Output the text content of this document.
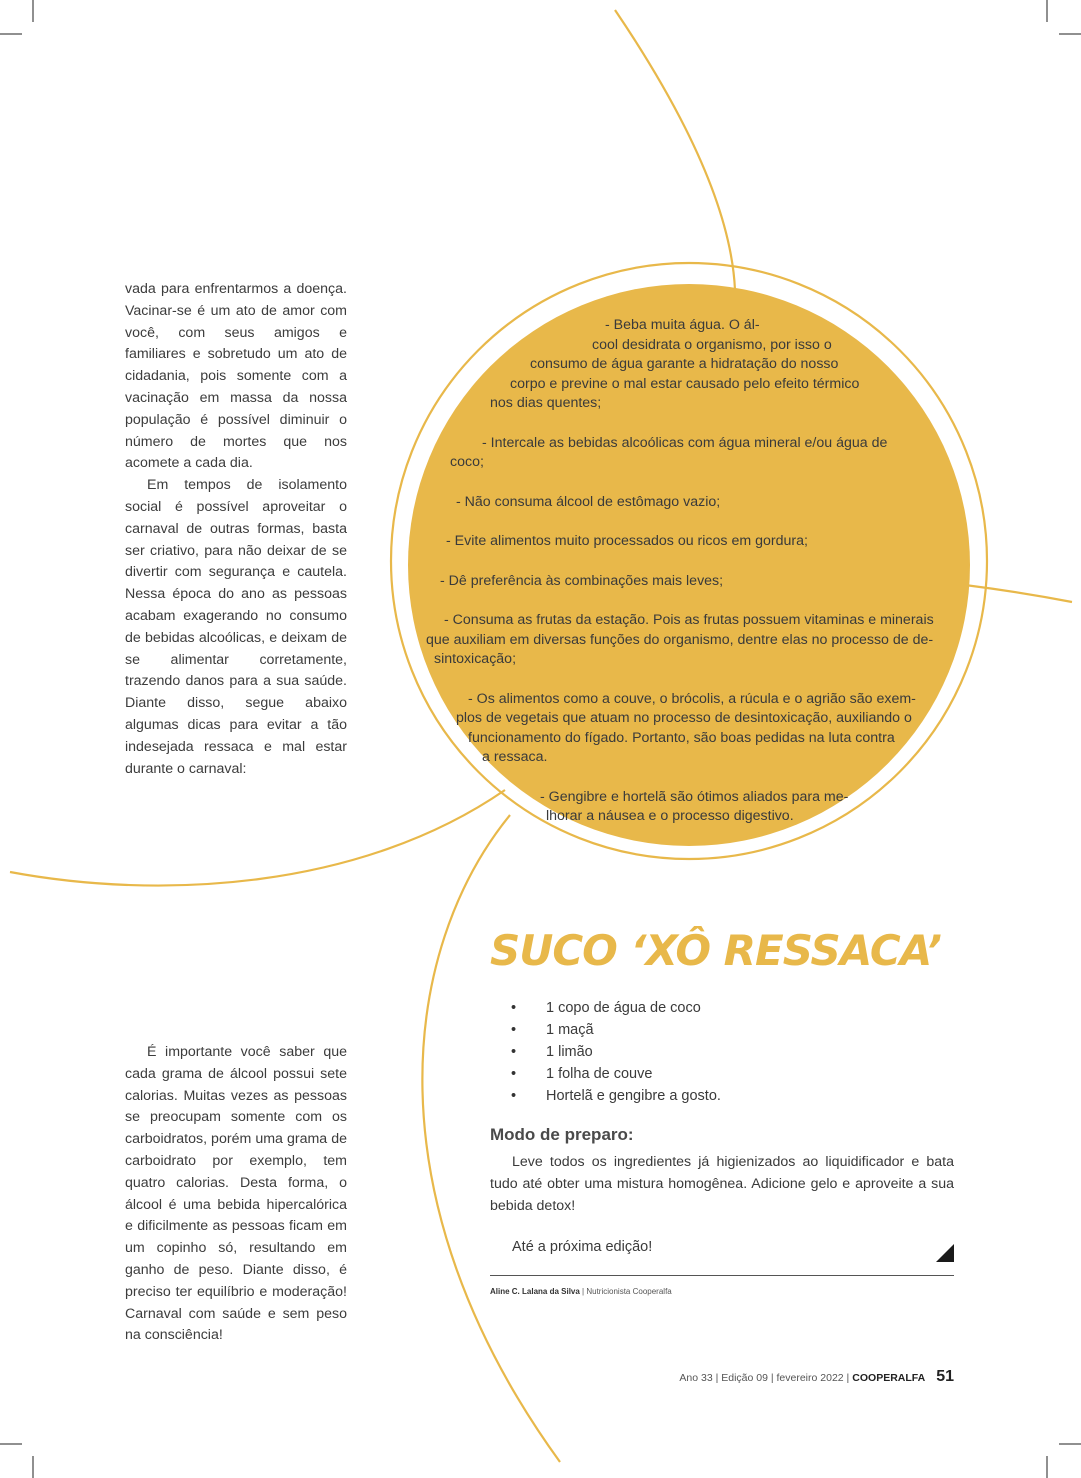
vada para enfrentarmos a doença. Vacinar-se é um ato de amor com você, com seus amigos e familiares e sobretudo um ato de cidadania, pois somente com a vacinação em massa da nossa população é possível diminuir o número de mortes que nos acomete a cada dia.

Em tempos de isolamento social é possível aproveitar o carnaval de outras formas, basta ser criativo, para não deixar de se divertir com segurança e cautela. Nessa época do ano as pessoas acabam exagerando no consumo de bebidas alcoólicas, e deixam de se alimentar corretamente, trazendo danos para a sua saúde. Diante disso, segue abaixo algumas dicas para evitar a tão indesejada ressaca e mal estar durante o carnaval:

- Beba muita água. O ál-
cool desidrata o organismo, por isso o
consumo de água garante a hidratação do nosso
corpo e previne o mal estar causado pelo efeito térmico
nos dias quentes;
- Intercale as bebidas alcoólicas com água mineral e/ou água de
coco;
- Não consuma álcool de estômago vazio;
- Evite alimentos muito processados ou ricos em gordura;
- Dê preferência às combinações mais leves;
- Consuma as frutas da estação. Pois as frutas possuem vitaminas e minerais
que auxiliam em diversas funções do organismo, dentre elas no processo de de-
sintoxicação;
- Os alimentos como a couve, o brócolis, a rúcula e o agrião são exem-
plos de vegetais que atuam no processo de desintoxicação, auxiliando o
funcionamento do fígado. Portanto, são boas pedidas na luta contra
a ressaca.
- Gengibre e hortelã são ótimos aliados para me-
lhorar a náusea e o processo digestivo.

É importante você saber que cada grama de álcool possui sete calorias. Muitas vezes as pessoas se preocupam somente com os carboidratos, porém uma grama de carboidrato por exemplo, tem quatro calorias. Desta forma, o álcool é uma bebida hipercalórica e dificilmente as pessoas ficam em um copinho só, resultando em ganho de peso. Diante disso, é preciso ter equilíbrio e moderação! Carnaval com saúde e sem peso na consciência!

SUCO ‘XÔ RESSACA’
• 1 copo de água de coco
• 1 maçã
• 1 limão
• 1 folha de couve
• Hortelã e gengibre a gosto.
Modo de preparo:

Leve todos os ingredientes já higienizados ao liquidificador e bata tudo até obter uma mistura homogênea. Adicione gelo e aproveite a sua bebida detox!

Até a próxima edição!

Aline C. Lalana da Silva | Nutricionista Cooperalfa
Ano 33 | Edição 09 | fevereiro 2022 | COOPERALFA 51
